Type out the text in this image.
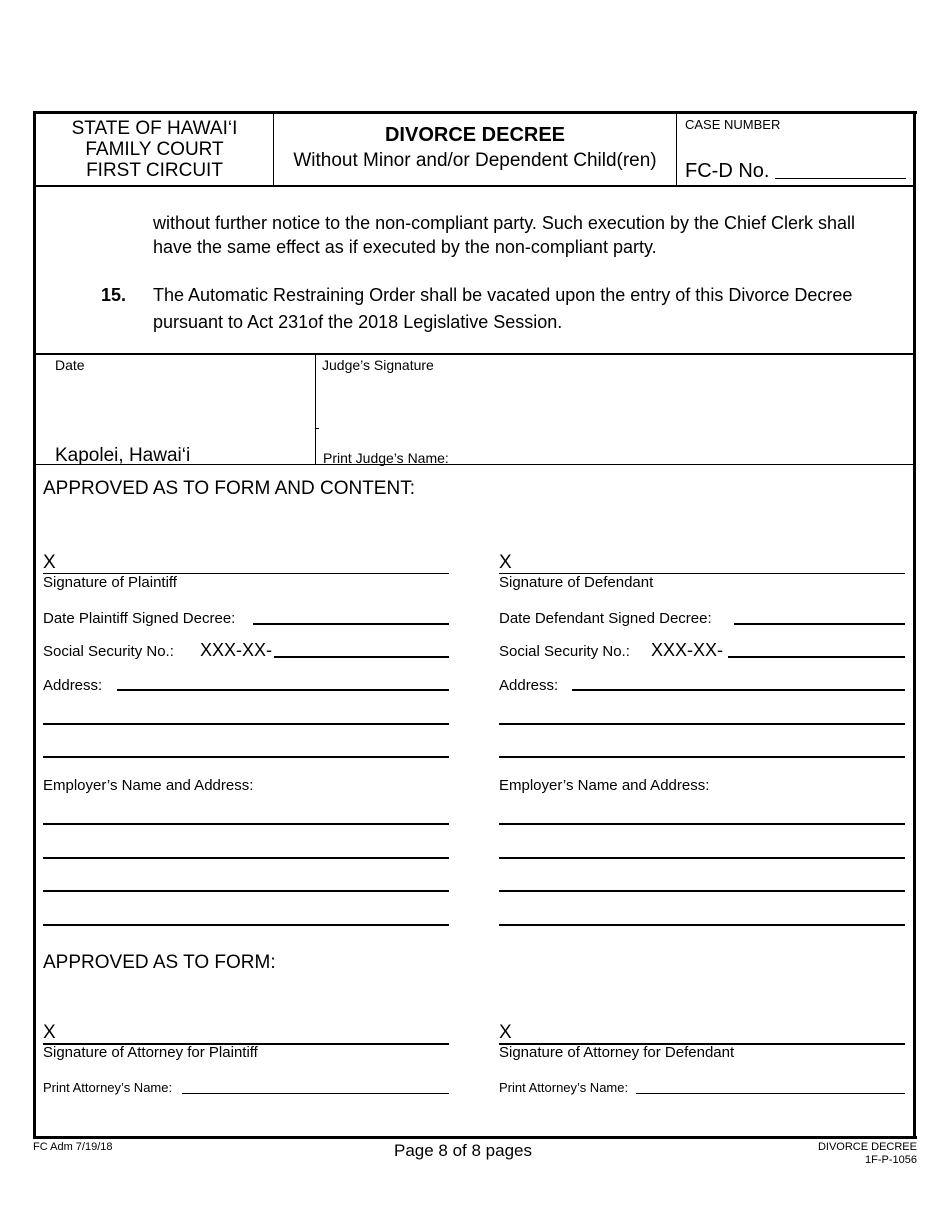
STATE OF HAWAI‘I
FAMILY COURT
FIRST CIRCUIT
DIVORCE DECREE
Without Minor and/or Dependent Child(ren)
CASE NUMBER
FC-D No.
without further notice to the non-compliant party. Such execution by the Chief Clerk shall
have the same effect as if executed by the non-compliant party.
15. The Automatic Restraining Order shall be vacated upon the entry of this Divorce Decree
pursuant to Act 231of the 2018 Legislative Session.
Date	Judge’s Signature
Kapolei, Hawai‘i	Print Judge’s Name:
APPROVED AS TO FORM AND CONTENT:
X
Signature of Plaintiff
Date Plaintiff Signed Decree:
Social Security No.: XXX-XX-
Address:
Employer’s Name and Address:
X
Signature of Defendant
Date Defendant Signed Decree:
Social Security No.: XXX-XX-
Address:
Employer’s Name and Address:
APPROVED AS TO FORM:
X
Signature of Attorney for Plaintiff
Print Attorney’s Name:
X
Signature of Attorney for Defendant
Print Attorney’s Name:
FC Adm 7/19/18	Page 8 of 8 pages	DIVORCE DECREE
1F-P-1056
